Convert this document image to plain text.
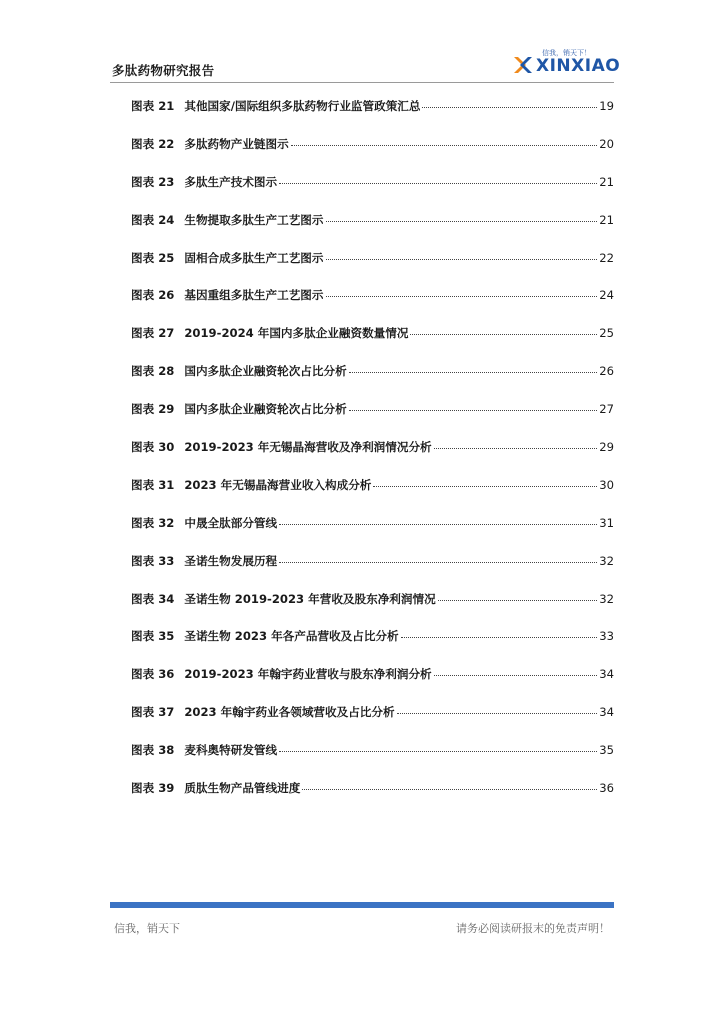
多肽药物研究报告
信我，销天下！
XINXIAO
图表 21 其他国家/国际组织多肽药物行业监管政策汇总	19
图表 22 多肽药物产业链图示	20
图表 23 多肽生产技术图示	21
图表 24 生物提取多肽生产工艺图示	21
图表 25 固相合成多肽生产工艺图示	22
图表 26 基因重组多肽生产工艺图示	24
图表 27 2019-2024 年国内多肽企业融资数量情况	25
图表 28 国内多肽企业融资轮次占比分析	26
图表 29 国内多肽企业融资轮次占比分析	27
图表 30 2019-2023 年无锡晶海营收及净利润情况分析	29
图表 31 2023 年无锡晶海营业收入构成分析	30
图表 32 中晟全肽部分管线	31
图表 33 圣诺生物发展历程	32
图表 34 圣诺生物 2019-2023 年营收及股东净利润情况	32
图表 35 圣诺生物 2023 年各产品营收及占比分析	33
图表 36 2019-2023 年翰宇药业营收与股东净利润分析	34
图表 37 2023 年翰宇药业各领域营收及占比分析	34
图表 38 麦科奥特研发管线	35
图表 39 质肽生物产品管线进度	36
信我，销天下	请务必阅读研报末的免责声明！
